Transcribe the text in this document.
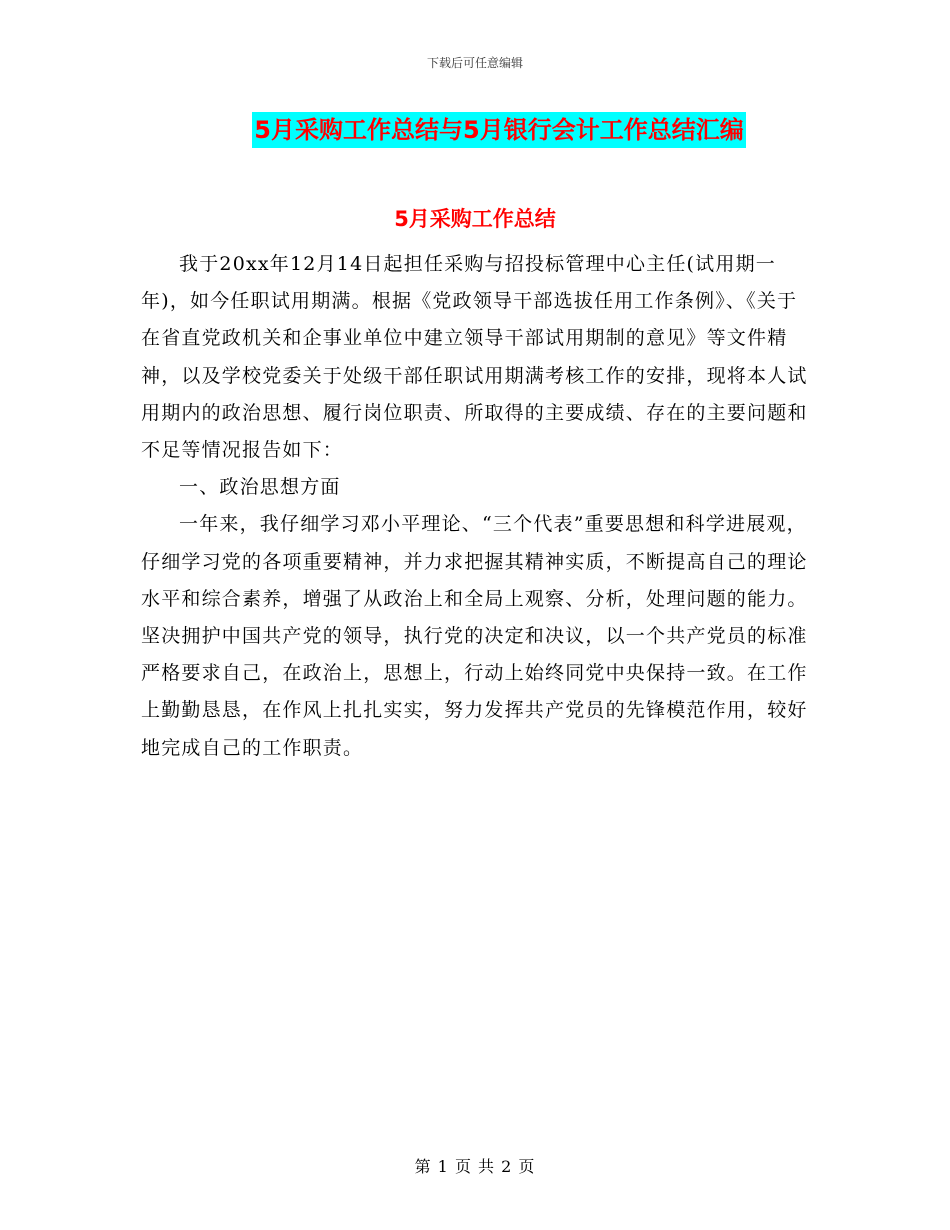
下载后可任意编辑
5月采购工作总结与5月银行会计工作总结汇编
5月采购工作总结

我于20xx年12月14日起担任采购与招投标管理中心主任(试用期一年)，如今任职试用期满。根据《党政领导干部选拔任用工作条例》、《关于在省直党政机关和企事业单位中建立领导干部试用期制的意见》等文件精神，以及学校党委关于处级干部任职试用期满考核工作的安排，现将本人试用期内的政治思想、履行岗位职责、所取得的主要成绩、存在的主要问题和不足等情况报告如下：

一、政治思想方面

一年来，我仔细学习邓小平理论、“三个代表”重要思想和科学进展观，仔细学习党的各项重要精神，并力求把握其精神实质，不断提高自己的理论水平和综合素养，增强了从政治上和全局上观察、分析，处理问题的能力。坚决拥护中国共产党的领导，执行党的决定和决议，以一个共产党员的标准严格要求自己，在政治上，思想上，行动上始终同党中央保持一致。在工作上勤勤恳恳，在作风上扎扎实实，努力发挥共产党员的先锋模范作用，较好地完成自己的工作职责。

第 1 页 共 2 页
